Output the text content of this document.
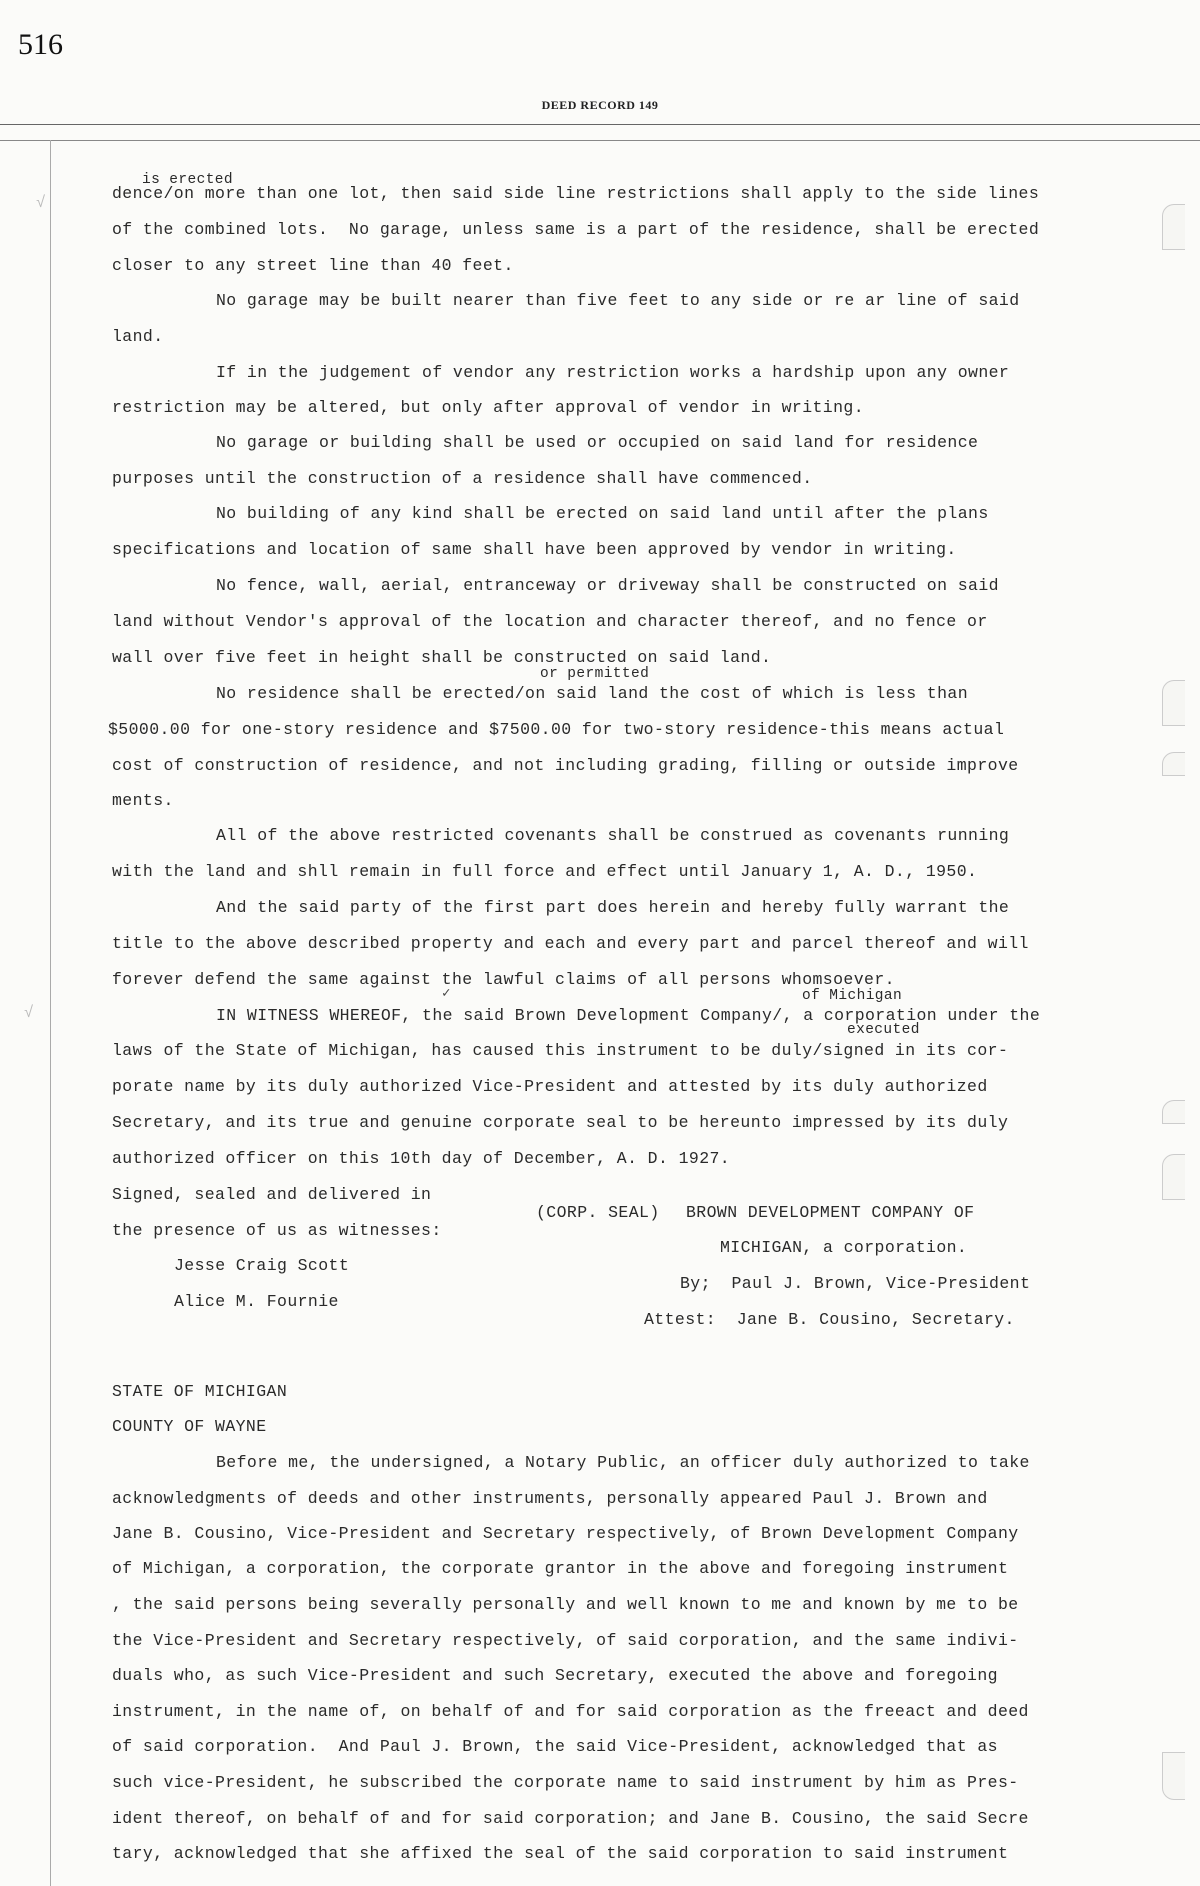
516
DEED RECORD 149
√
√
is erected
or permitted
of Michigan
executed
✓
dence/on more than one lot, then said side line restrictions shall apply to the side lines
of the combined lots.  No garage, unless same is a part of the residence, shall be erected
closer to any street line than 40 feet.
No garage may be built nearer than five feet to any side or re ar line of said
land.
If in the judgement of vendor any restriction works a hardship upon any owner
restriction may be altered, but only after approval of vendor in writing.
No garage or building shall be used or occupied on said land for residence
purposes until the construction of a residence shall have commenced.
No building of any kind shall be erected on said land until after the plans
specifications and location of same shall have been approved by vendor in writing.
No fence, wall, aerial, entranceway or driveway shall be constructed on said
land without Vendor's approval of the location and character thereof, and no fence or
wall over five feet in height shall be constructed on said land.
No residence shall be erected/on said land the cost of which is less than
$5000.00 for one-story residence and $7500.00 for two-story residence-this means actual
cost of construction of residence, and not including grading, filling or outside improve
ments.
All of the above restricted covenants shall be construed as covenants running
with the land and shll remain in full force and effect until January 1, A. D., 1950.
And the said party of the first part does herein and hereby fully warrant the
title to the above described property and each and every part and parcel thereof and will
forever defend the same against the lawful claims of all persons whomsoever.
IN WITNESS WHEREOF, the said Brown Development Company/, a corporation under the
laws of the State of Michigan, has caused this instrument to be duly/signed in its cor-
porate name by its duly authorized Vice-President and attested by its duly authorized
Secretary, and its true and genuine corporate seal to be hereunto impressed by its duly
authorized officer on this 10th day of December, A. D. 1927.
Signed, sealed and delivered in
the presence of us as witnesses:
Jesse Craig Scott
Alice M. Fournie
(CORP. SEAL) BROWN DEVELOPMENT COMPANY OF
MICHIGAN, a corporation.
By;  Paul J. Brown, Vice-President
Attest:  Jane B. Cousino, Secretary.
STATE OF MICHIGAN
COUNTY OF WAYNE
Before me, the undersigned, a Notary Public, an officer duly authorized to take
acknowledgments of deeds and other instruments, personally appeared Paul J. Brown and
Jane B. Cousino, Vice-President and Secretary respectively, of Brown Development Company
of Michigan, a corporation, the corporate grantor in the above and foregoing instrument
, the said persons being severally personally and well known to me and known by me to be
the Vice-President and Secretary respectively, of said corporation, and the same indivi-
duals who, as such Vice-President and such Secretary, executed the above and foregoing
instrument, in the name of, on behalf of and for said corporation as the freeact and deed
of said corporation.  And Paul J. Brown, the said Vice-President, acknowledged that as
such vice-President, he subscribed the corporate name to said instrument by him as Pres-
ident thereof, on behalf of and for said corporation; and Jane B. Cousino, the said Secre
tary, acknowledged that she affixed the seal of the said corporation to said instrument
